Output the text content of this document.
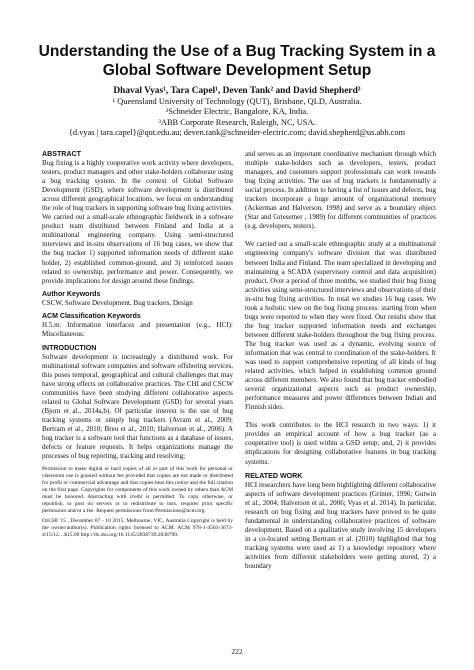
Understanding the Use of a Bug Tracking System in a
Global Software Development Setup
Dhaval Vyas¹, Tara Capel¹, Deven Tank² and David Shepherd³
¹ Queensland University of Technology (QUT), Brisbane, QLD, Australia.
²Schneider Electric, Bangalore, KA, India.
³ABB Corporate Research, Raleigh, NC, USA.
{d.vyas | tara.capel}@qut.edu.au; deven.tank@schneider-electric.com; david.shepherd@us.abb.com
ABSTRACT

Bug fixing is a highly cooperative work activity where developers, testers, product managers and other stake-holders collaborate using a bug tracking system. In the context of Global Software Development (GSD), where software development is distributed across different geographical locations, we focus on understanding the role of bug trackers in supporting software bug fixing activities. We carried out a small-scale ethnographic fieldwork in a software product team distributed between Finland and India at a multinational engineering company. Using semi-structured interviews and in-situ observations of 16 bug cases, we show that the bug tracker 1) supported information needs of different stake holder, 2) established common-ground, and 3) reinforced issues related to ownership, performance and power. Consequently, we provide implications for design around these findings.

Author Keywords

CSCW, Software Development, Bug trackers, Design

ACM Classification Keywords

H.5.m. Information interfaces and presentation (e.g., HCI): Miscellaneous.

INTRODUCTION

Software development is increasingly a distributed work. For multinational software companies and software offshoring services, this poses temporal, geographical and cultural challenges that may have strong effects on collaborative practices. The CHI and CSCW communities have been studying different collaborative aspects related to Global Software Development (GSD) for several years (Bjorn et al., 2014a,b). Of particular interest is the use of bug tracking systems or simply bug trackers (Avram et al., 2009; Bertram et al., 2010; Breu et al., 2010; Halverson et al., 2006). A bug tracker is a software tool that functions as a database of issues, defects or feature requests. It helps organizations manage the processes of bug reporting, tracking and resolving;

Permission to make digital or hard copies of all or part of this work for personal or classroom use is granted without fee provided that copies are not made or distributed for profit or commercial advantage and that copies bear this notice and the full citation on the first page. Copyrights for components of this work owned by others than ACM must be honored. Abstracting with credit is permitted. To copy otherwise, or republish, to post on servers or to redistribute to lists, requires prior specific permission and/or a fee. Request permissions from Permissions@acm.org.

OzCHI '15 , December 07 - 10 2015, Melbourne, VIC, Australia Copyright is held by the owner/author(s). Publication rights licensed to ACM. ACM 978-1-4503-3673-4/15/12…$15.00 http://dx.doi.org/10.1145/2838739.2838790.

and serves as an important coordinative mechanism through which multiple stake-holders such as developers, testers, product managers, and customers support professionals can work towards bug fixing activities. The use of bug trackers is fundamentally a social process. In addition to having a list of issues and defects, bug trackers incorporate a huge amount of organizational memory (Ackerman and Halverson, 1998) and serve as a boundary object (Star and Griesemer , 1989) for different communities of practices (e.g. developers, testers).

We carried out a small-scale ethnographic study at a multinational engineering company's software division that was distributed between India and Finland. The team specialized in developing and maintaining a SCADA (supervisory control and data acquisition) product. Over a period of three months, we studied their bug fixing activities using semi-structured interviews and observations of their in-situ bug fixing activities. In total we studies 16 bug cases. We took a holistic view on the bug fixing process: starting from when bugs were reported to when they were fixed. Our results show that the bug tracker supported information needs and exchanges between different stake-holders throughout the bug fixing process. The bug tracker was used as a dynamic, evolving source of information that was central to coordination of the stake-holders. It was used to support comprehensive reporting of all kinds of bug related activities, which helped in establishing common ground across different members. We also found that bug tracker embodied several organizational aspects such as product ownership, performance measures and power differences between Indian and Finnish sides.

This work contributes to the HCI research in two ways: 1) it provides an empirical account of how a bug tracker (as a cooperative tool) is used within a GSD setup; and, 2) it provides implications for designing collaborative features in bug tracking systems.

RELATED WORK

HCI researchers have long been highlighting different collaborative aspects of software development practices (Grinter, 1996; Gutwin et al., 2004; Halverson et al., 2006; Vyas et al. 2014). In particular, research on bug fixing and bug trackers have proved to be quite fundamental in understanding collaborative practices of software development. Based on a qualitative study involving 15 developers in a co-located setting Bertram et al. (2010) highlighted that bug tracking systems were used as 1) a knowledge repository where activities from different stakeholders were getting stored, 2) a boundary

222
